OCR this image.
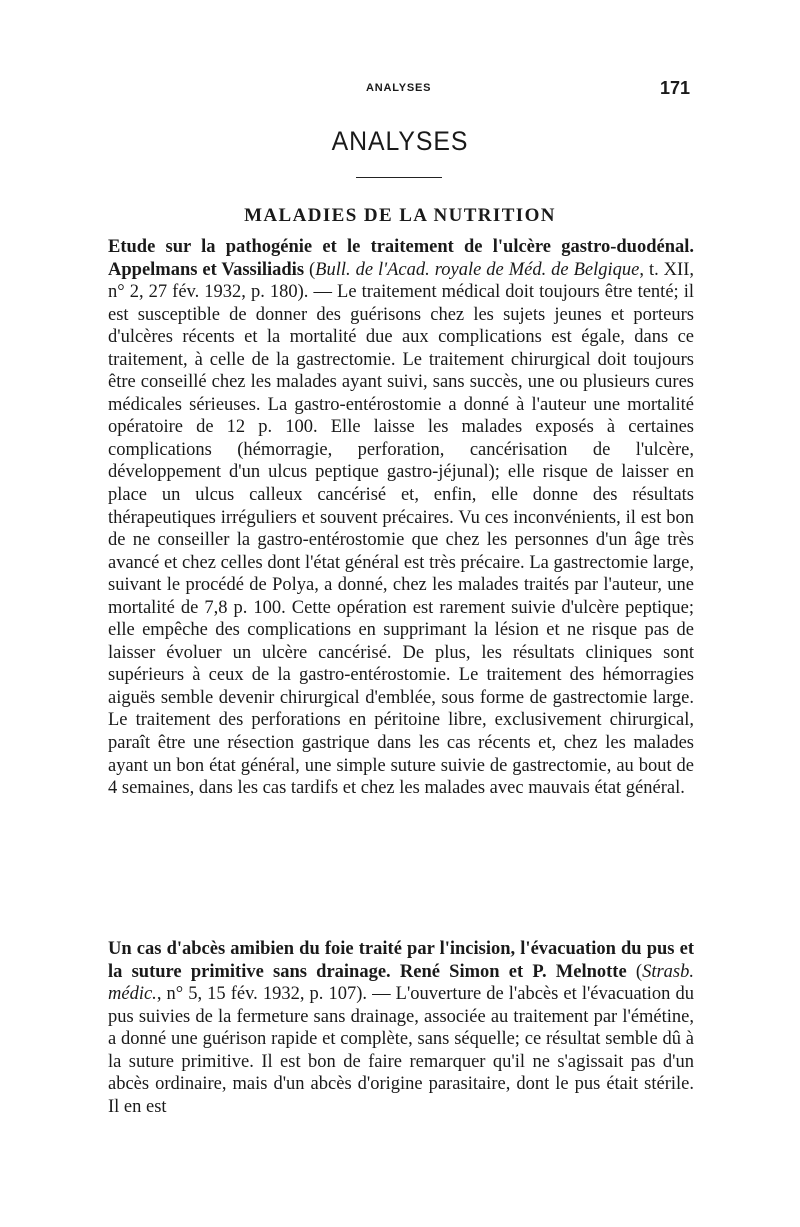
ANALYSES	171
ANALYSES
MALADIES DE LA NUTRITION
Etude sur la pathogénie et le traitement de l'ulcère gastro-duodénal. Appelmans et Vassiliadis (Bull. de l'Acad. royale de Méd. de Belgique, t. XII, n° 2, 27 fév. 1932, p. 180). — Le traitement médical doit toujours être tenté; il est susceptible de donner des guérisons chez les sujets jeunes et porteurs d'ulcères récents et la mortalité due aux complications est égale, dans ce traitement, à celle de la gastrectomie. Le traitement chirurgical doit toujours être conseillé chez les malades ayant suivi, sans succès, une ou plusieurs cures médicales sérieuses. La gastro-entérostomie a donné à l'auteur une mortalité opératoire de 12 p. 100. Elle laisse les malades exposés à certaines complications (hémorragie, perforation, cancérisation de l'ulcère, développement d'un ulcus peptique gastro-jéjunal); elle risque de laisser en place un ulcus calleux cancérisé et, enfin, elle donne des résultats thérapeutiques irréguliers et souvent précaires. Vu ces inconvénients, il est bon de ne conseiller la gastro-entérostomie que chez les personnes d'un âge très avancé et chez celles dont l'état général est très précaire. La gastrectomie large, suivant le procédé de Polya, a donné, chez les malades traités par l'auteur, une mortalité de 7,8 p. 100. Cette opération est rarement suivie d'ulcère peptique; elle empêche des complications en supprimant la lésion et ne risque pas de laisser évoluer un ulcère cancérisé. De plus, les résultats cliniques sont supérieurs à ceux de la gastro-entérostomie. Le traitement des hémorragies aiguës semble devenir chirurgical d'emblée, sous forme de gastrectomie large. Le traitement des perforations en péritoine libre, exclusivement chirurgical, paraît être une résection gastrique dans les cas récents et, chez les malades ayant un bon état général, une simple suture suivie de gastrectomie, au bout de 4 semaines, dans les cas tardifs et chez les malades avec mauvais état général.
Un cas d'abcès amibien du foie traité par l'incision, l'évacuation du pus et la suture primitive sans drainage. René Simon et P. Melnotte (Strasb. médic., n° 5, 15 fév. 1932, p. 107). — L'ouverture de l'abcès et l'évacuation du pus suivies de la fermeture sans drainage, associée au traitement par l'émétine, a donné une guérison rapide et complète, sans séquelle; ce résultat semble dû à la suture primitive. Il est bon de faire remarquer qu'il ne s'agissait pas d'un abcès ordinaire, mais d'un abcès d'origine parasitaire, dont le pus était stérile. Il en est
